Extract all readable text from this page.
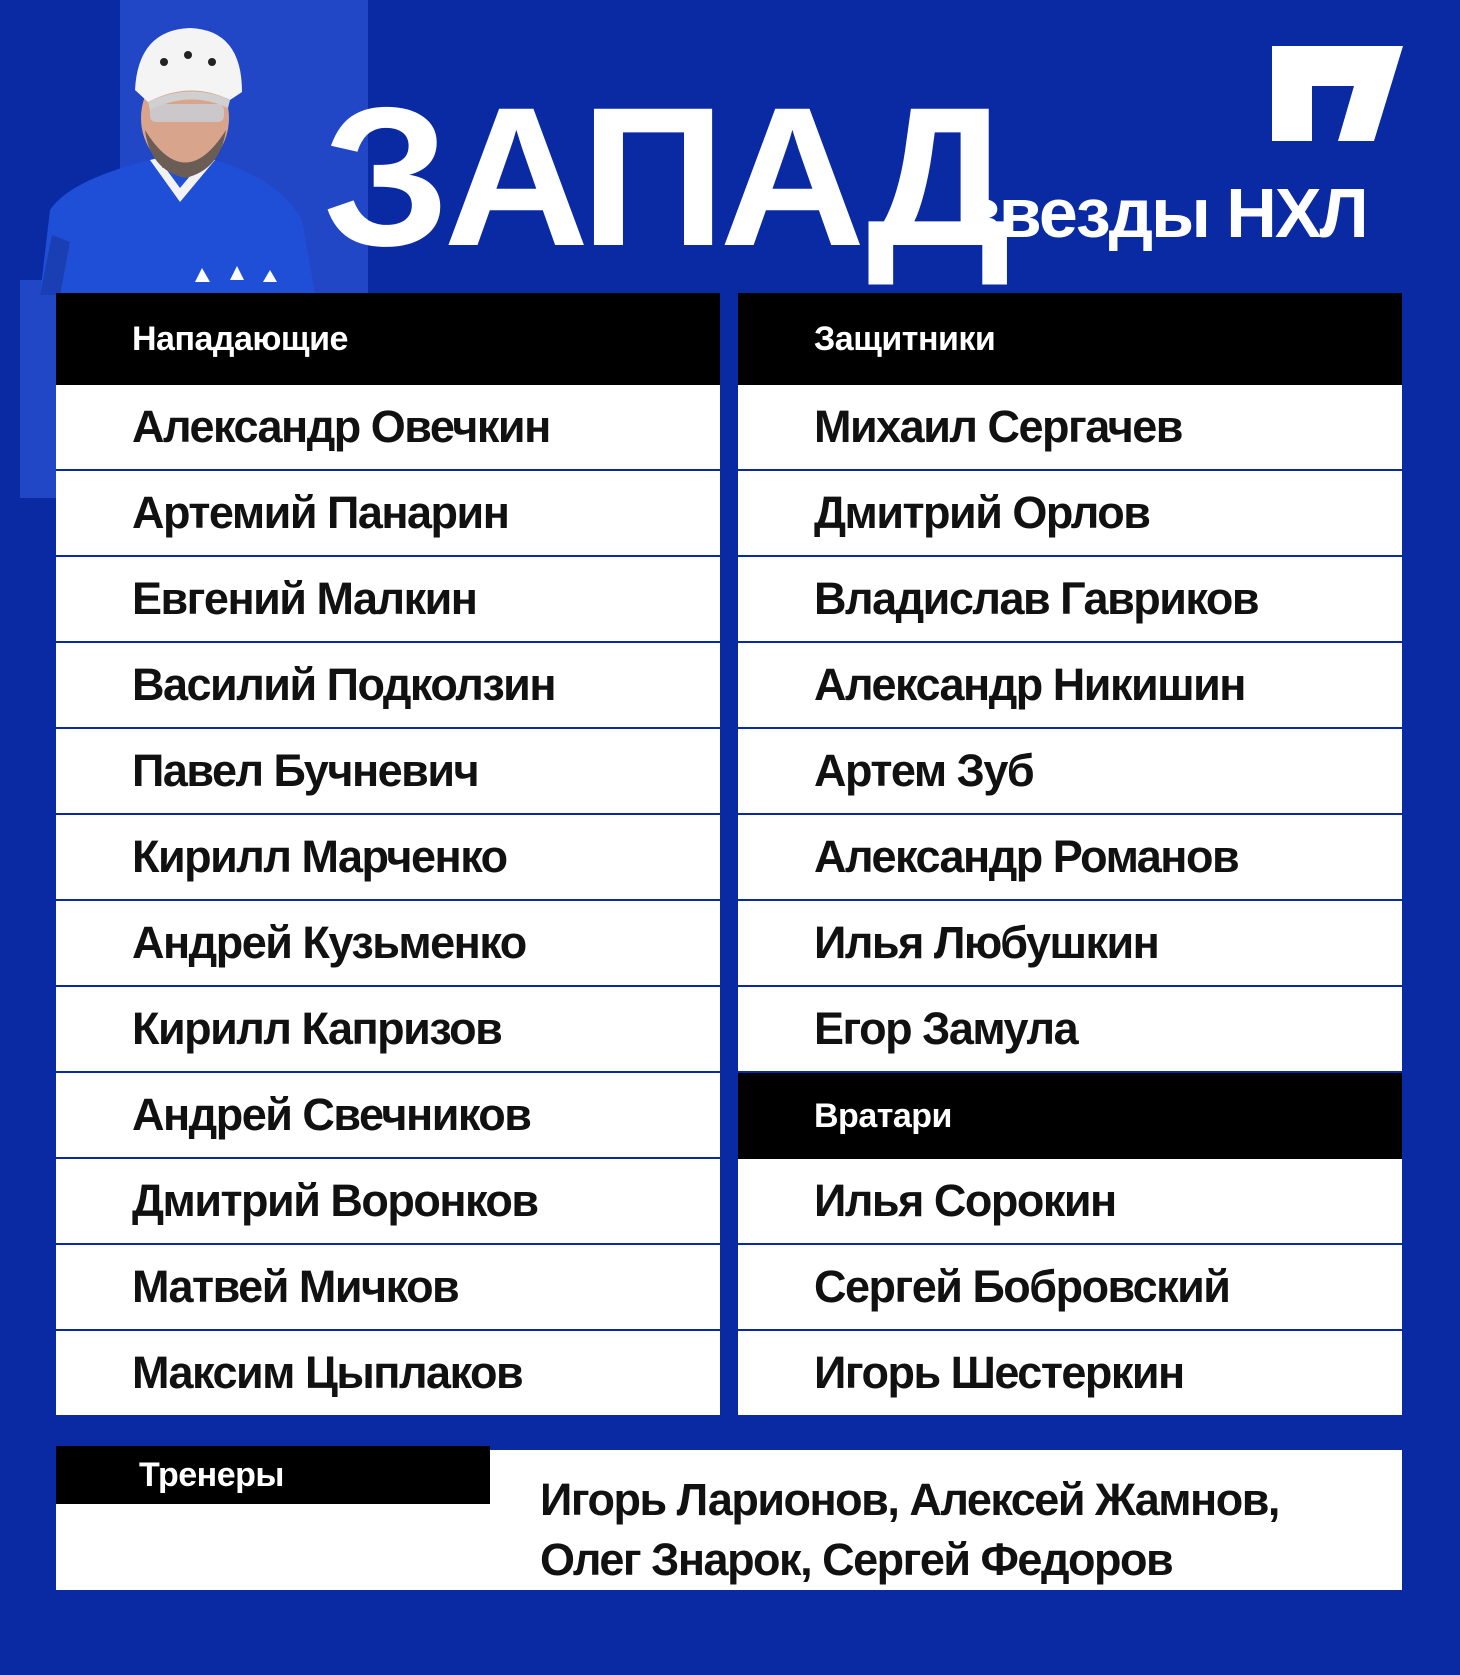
ЗАПАД
звезды НХЛ
Нападающие
Александр Овечкин
Артемий Панарин
Евгений Малкин
Василий Подколзин
Павел Бучневич
Кирилл Марченко
Андрей Кузьменко
Кирилл Капризов
Андрей Свечников
Дмитрий Воронков
Матвей Мичков
Максим Цыплаков
Защитники
Михаил Сергачев
Дмитрий Орлов
Владислав Гавриков
Александр Никишин
Артем Зуб
Александр Романов
Илья Любушкин
Егор Замула
Вратари
Илья Сорокин
Сергей Бобровский
Игорь Шестеркин
Тренеры	Игорь Ларионов, Алексей Жамнов,
Олег Знарок, Сергей Федоров
